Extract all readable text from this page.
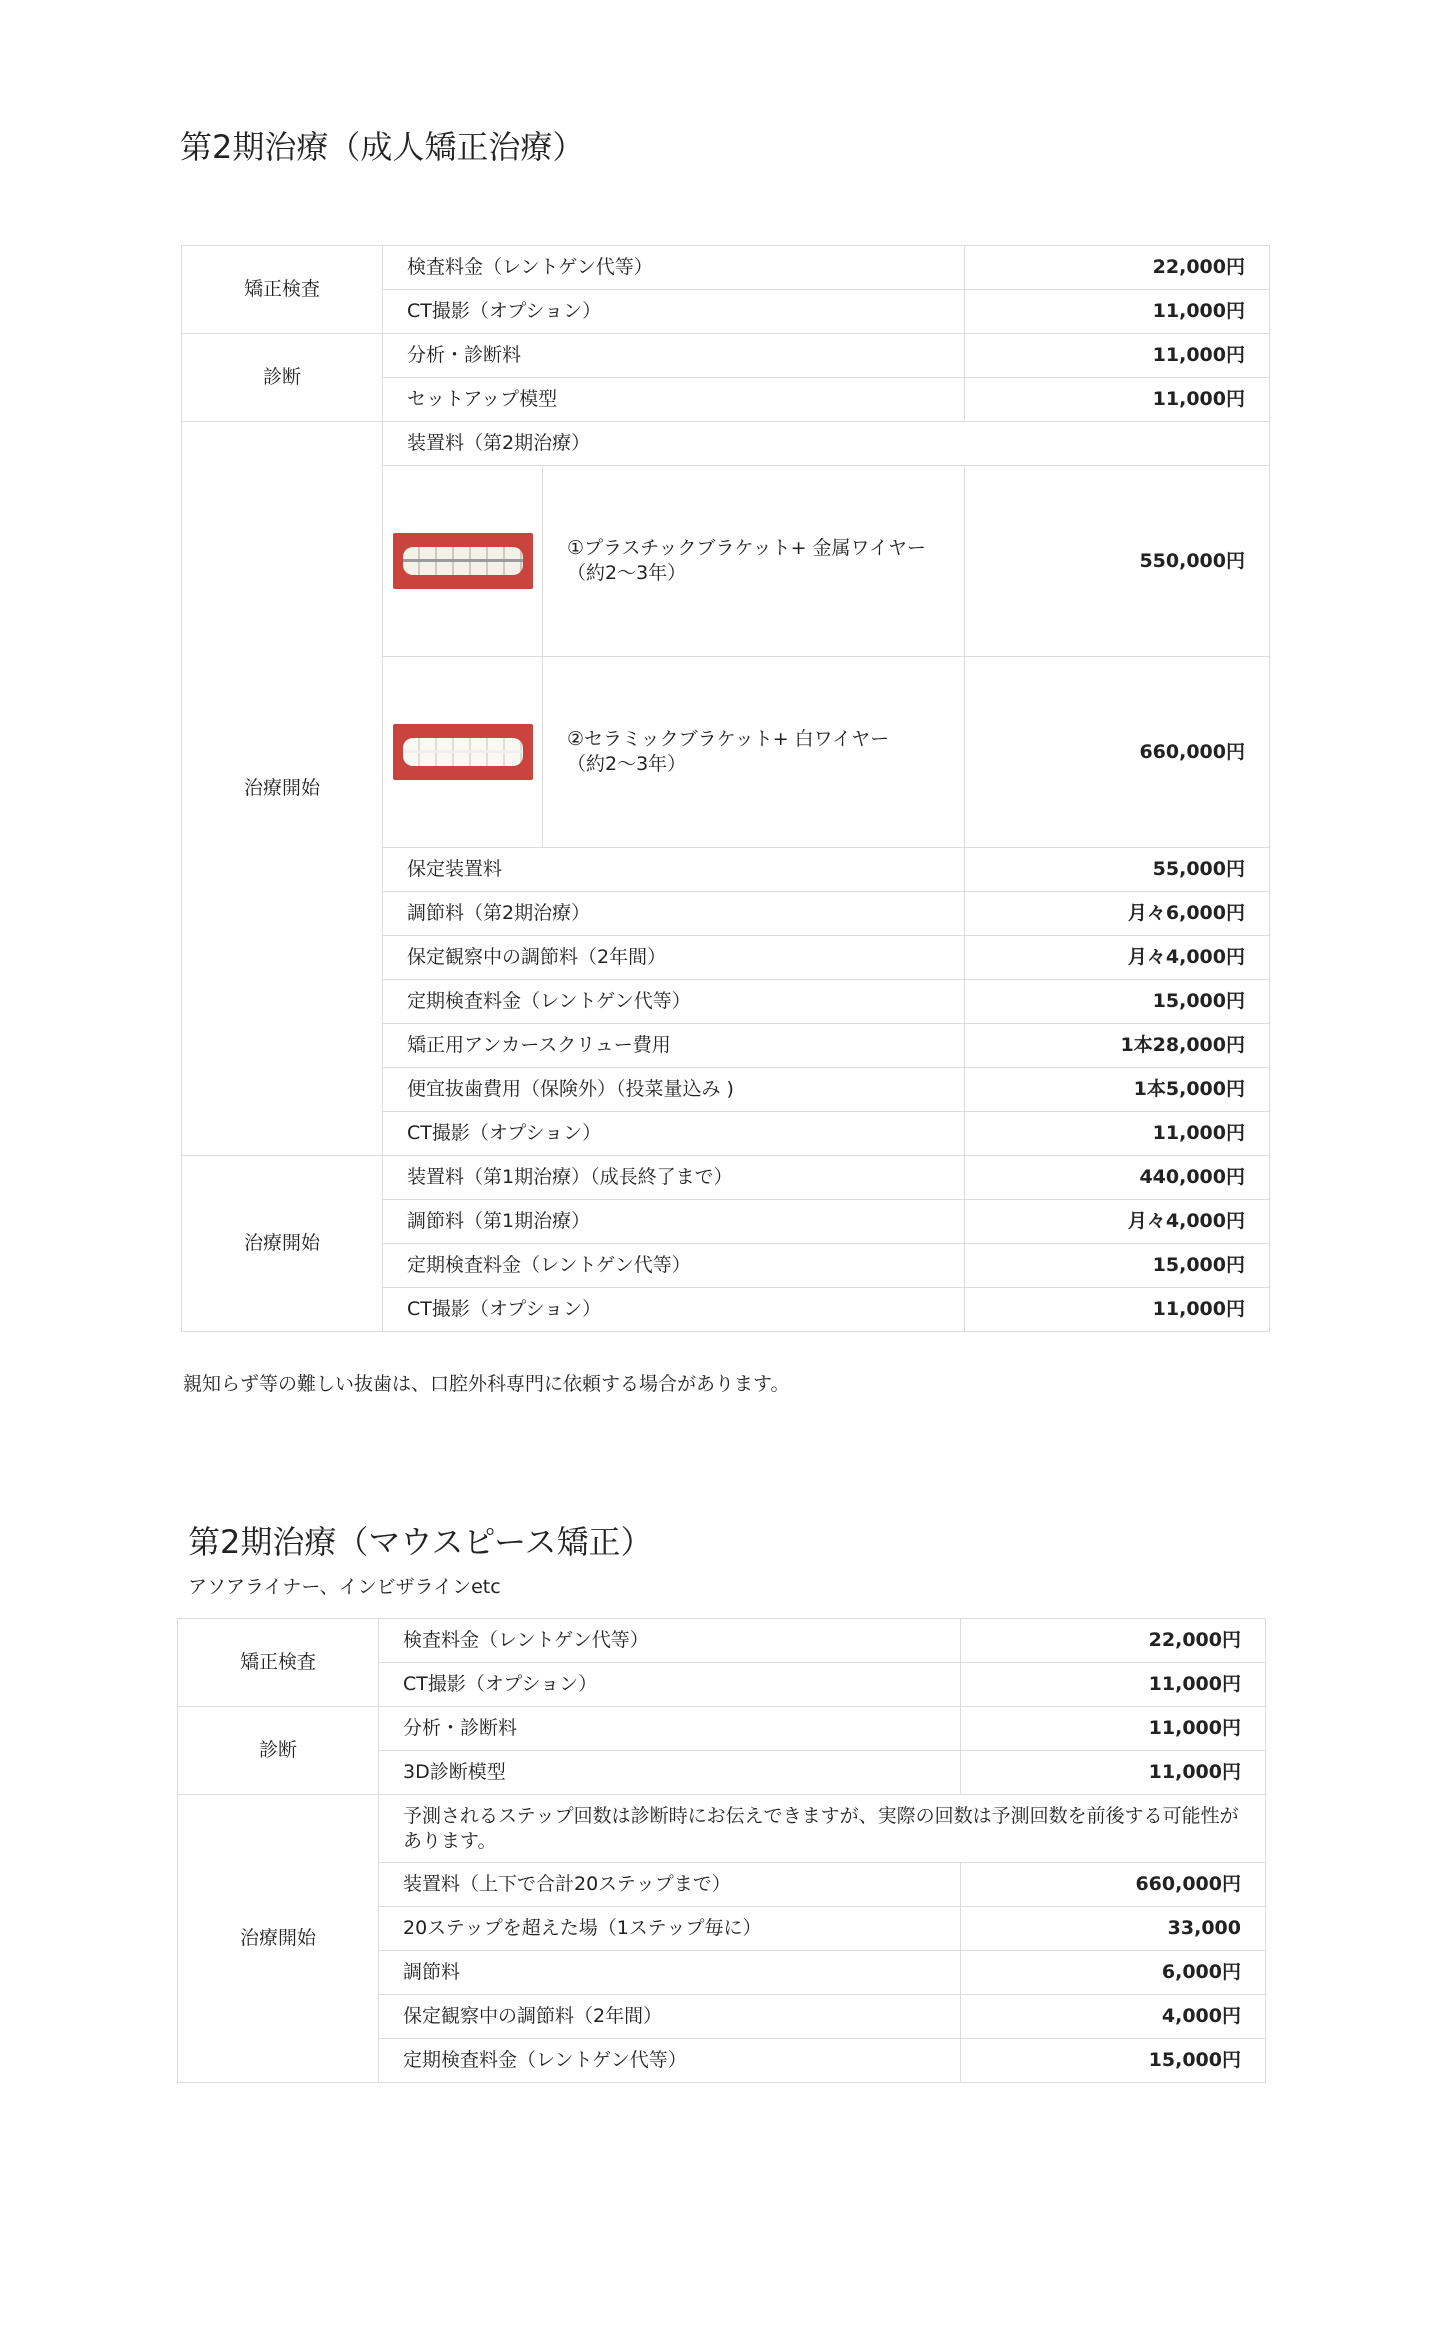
第2期治療（成人矯正治療）
矯正検査	検査料金（レントゲン代等）		22,000円
	CT撮影（オプション）		11,000円
診断	分析・診断料		11,000円
	セットアップ模型		11,000円
治療開始	装置料（第2期治療）		

		①プラスチックブラケット+ 金属ワイヤー
（約2〜3年）	550,000円

		②セラミックブラケット+ 白ワイヤー
（約2〜3年）	660,000円
	保定装置料		55,000円
	調節料（第2期治療）		月々6,000円
	保定観察中の調節料（2年間）		月々4,000円
	定期検査料金（レントゲン代等）		15,000円
	矯正用アンカースクリュー費用		1本28,000円
	便宜抜歯費用（保険外）（投菜量込み )		1本5,000円
	CT撮影（オプション）		11,000円
治療開始	装置料（第1期治療）（成長終了まで）		440,000円
	調節料（第1期治療）		月々4,000円
	定期検査料金（レントゲン代等）		15,000円
	CT撮影（オプション）		11,000円
親知らず等の難しい抜歯は、口腔外科専門に依頼する場合があります。
第2期治療（マウスピース矯正）
アソアライナー、インビザラインetc
矯正検査	検査料金（レントゲン代等）	22,000円
	CT撮影（オプション）	11,000円
診断	分析・診断料	11,000円
	3D診断模型	11,000円
治療開始	予測されるステップ回数は診断時にお伝えできますが、実際の回数は予測回数を前後する可能性があります。	
	装置料（上下で合計20ステップまで）	660,000円
	20ステップを超えた場（1ステップ毎に）	33,000
	調節料	6,000円
	保定観察中の調節料（2年間）	4,000円
	定期検査料金（レントゲン代等）	15,000円
